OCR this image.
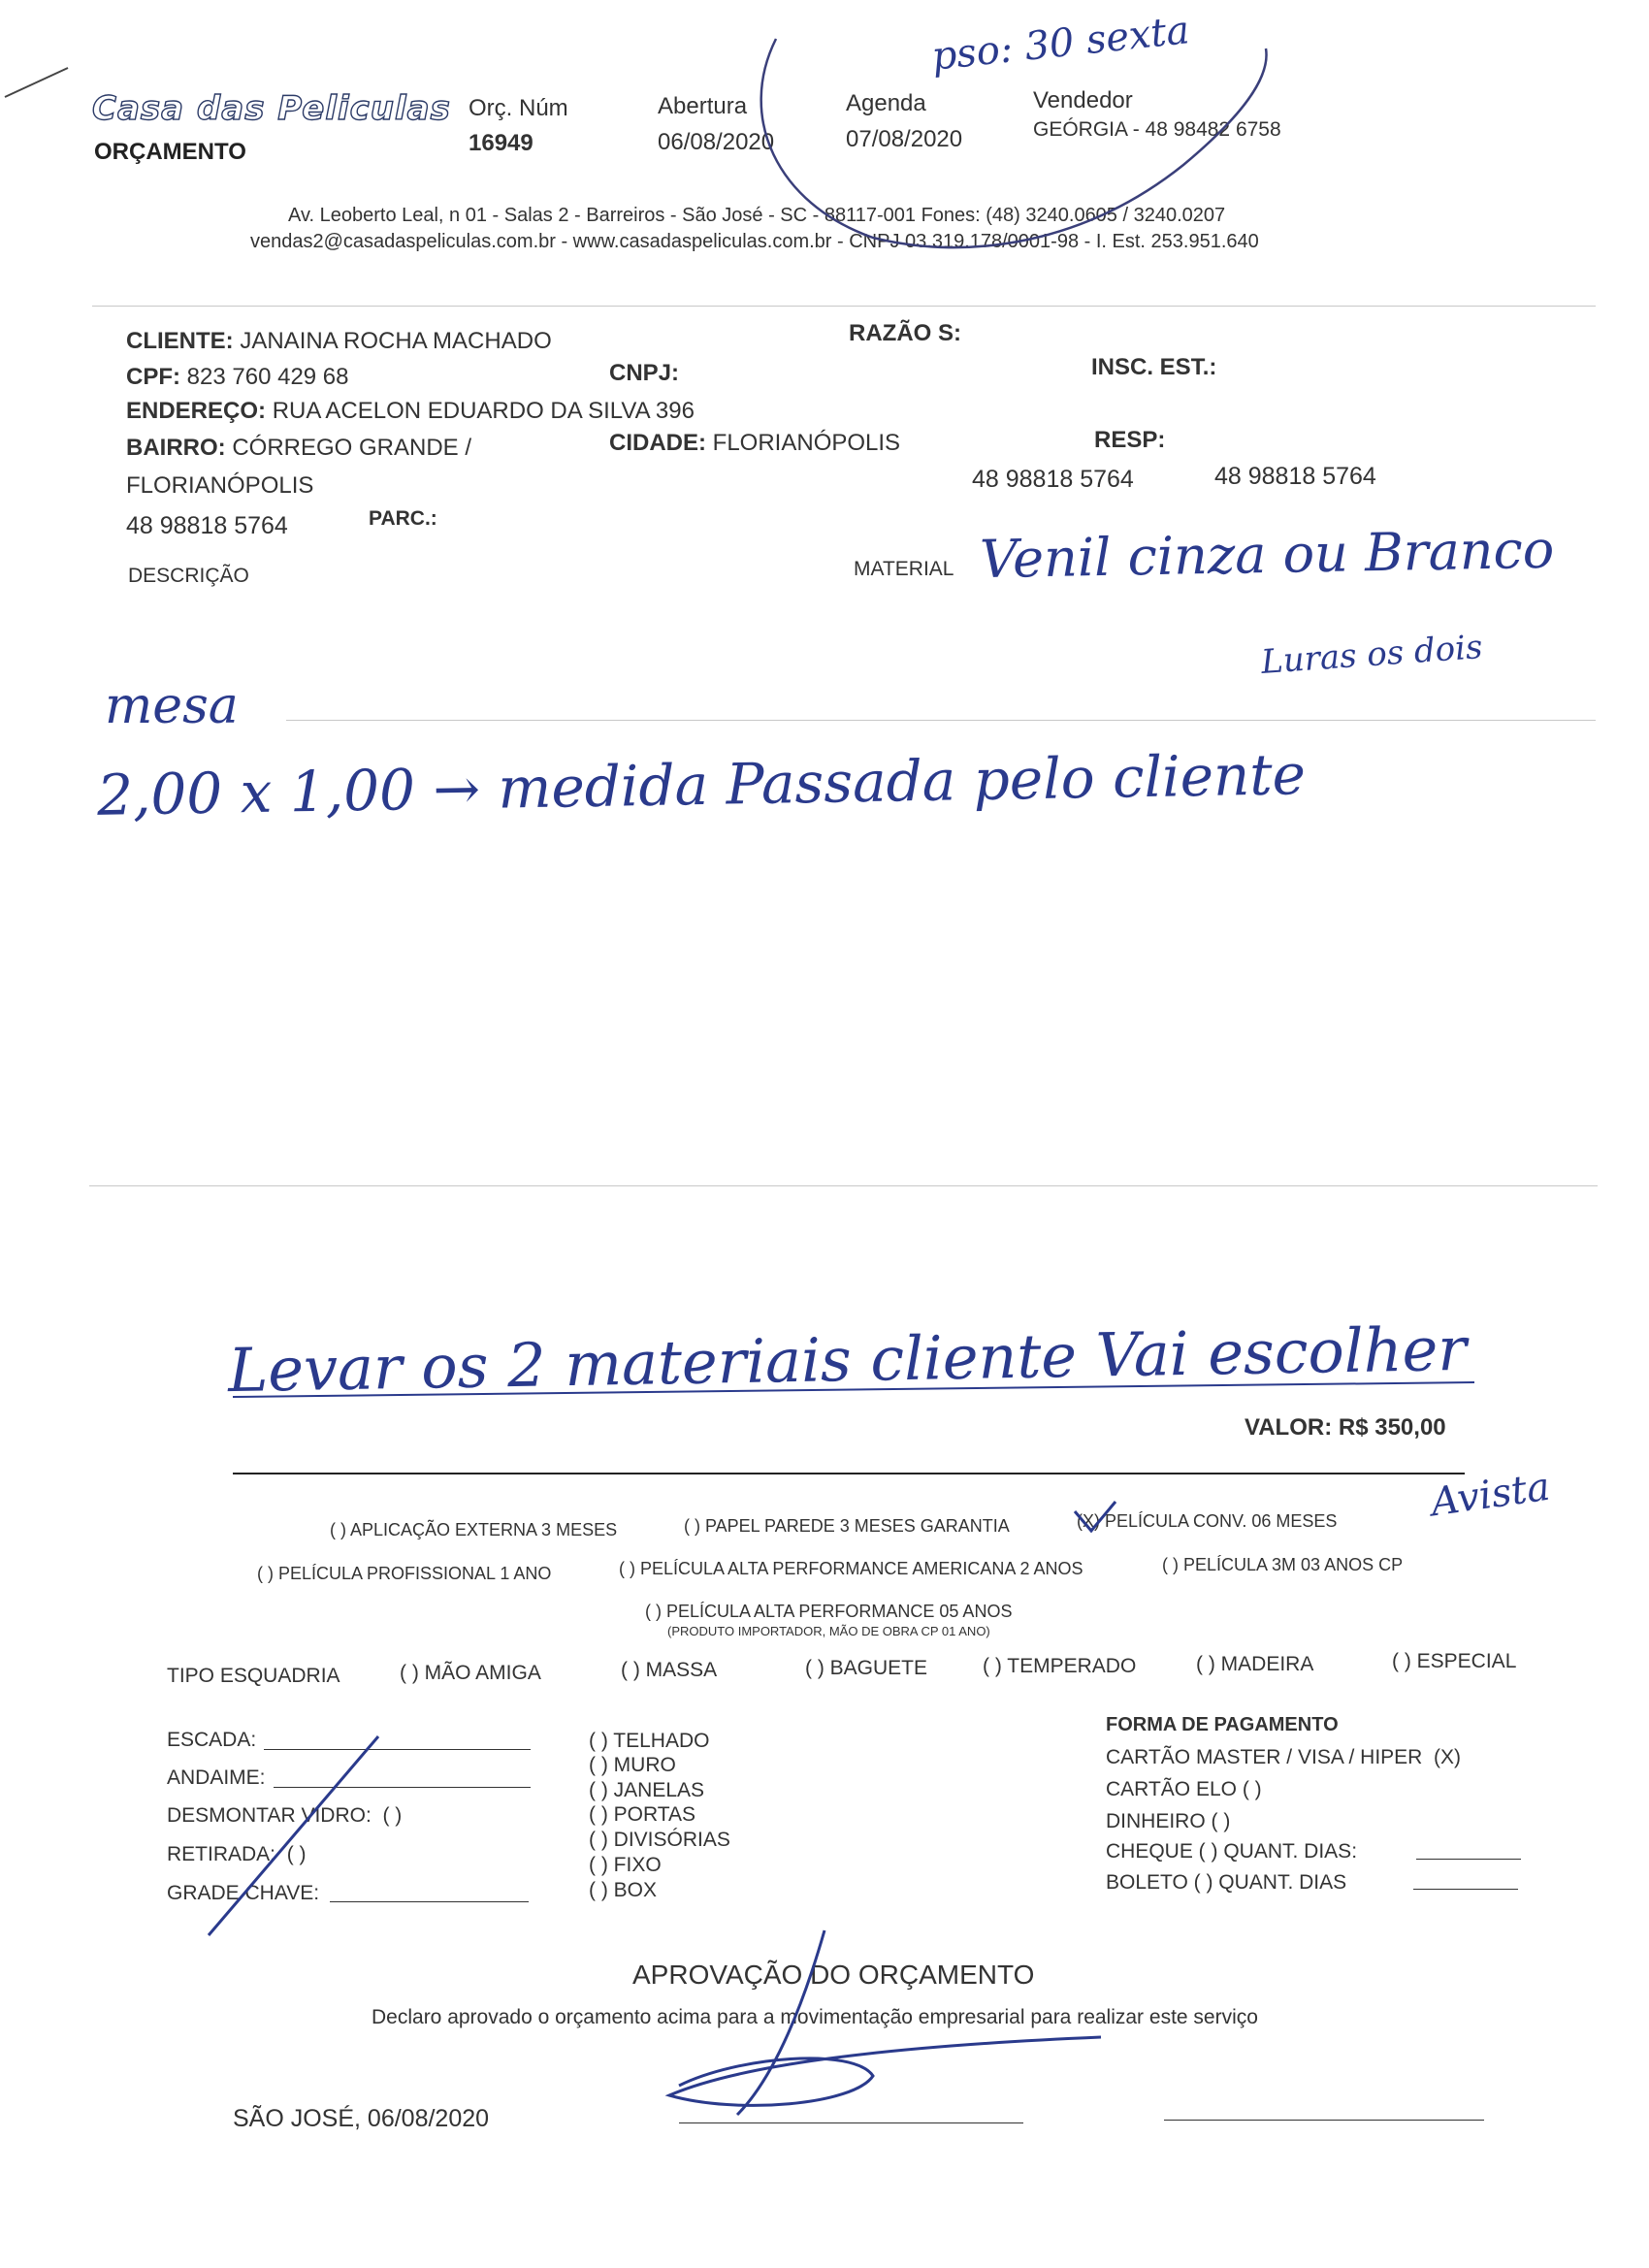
Casa das Peliculas
ORÇAMENTO
Orç. Núm
16949
Abertura
06/08/2020
Agenda
07/08/2020
Vendedor
GEÓRGIA - 48 98482 6758
pso: 30 sexta
Av. Leoberto Leal, n 01 - Salas 2 - Barreiros - São José - SC - 88117-001 Fones: (48) 3240.0605 / 3240.0207
vendas2@casadaspeliculas.com.br - www.casadaspeliculas.com.br - CNPJ 03.319.178/0001-98 - I. Est. 253.951.640
CLIENTE: JANAINA ROCHA MACHADO	RAZÃO S:
CPF: 823 760 429 68	CNPJ:	INSC. EST.:
ENDEREÇO: RUA ACELON EDUARDO DA SILVA 396
BAIRRO: CÓRREGO GRANDE /
FLORIANÓPOLIS
CIDADE: FLORIANÓPOLIS	RESP:
48 98818 5764	48 98818 5764
48 98818 5764	PARC.:
DESCRIÇÃO	MATERIAL Venil cinza ou Branco
Luras os dois
mesa
2,00 x 1,00 → medida Passada pelo cliente
Levar os 2 materiais cliente Vai escolher
VALOR: R$ 350,00
Avista
( ) APLICAÇÃO EXTERNA 3 MESES	( ) PAPEL PAREDE 3 MESES GARANTIA	(X) PELÍCULA CONV. 06 MESES
( ) PELÍCULA PROFISSIONAL 1 ANO	( ) PELÍCULA ALTA PERFORMANCE AMERICANA 2 ANOS	( ) PELÍCULA 3M 03 ANOS CP
( ) PELÍCULA ALTA PERFORMANCE 05 ANOS
(PRODUTO IMPORTADOR, MÃO DE OBRA CP 01 ANO)
TIPO ESQUADRIA	( ) MÃO AMIGA	( ) MASSA	( ) BAGUETE	( ) TEMPERADO	( ) MADEIRA	( ) ESPECIAL
ESCADA:
ANDAIME:
DESMONTAR VIDRO: ( )
RETIRADA: ( )
GRADE CHAVE:
( ) TELHADO
( ) MURO
( ) JANELAS
( ) PORTAS
( ) DIVISÓRIAS
( ) FIXO
( ) BOX
FORMA DE PAGAMENTO
CARTÃO MASTER / VISA / HIPER (X)
CARTÃO ELO ( )
DINHEIRO ( )
CHEQUE ( ) QUANT. DIAS:
BOLETO ( ) QUANT. DIAS
APROVAÇÃO DO ORÇAMENTO
Declaro aprovado o orçamento acima para a movimentação empresarial para realizar este serviço
SÃO JOSÉ, 06/08/2020
